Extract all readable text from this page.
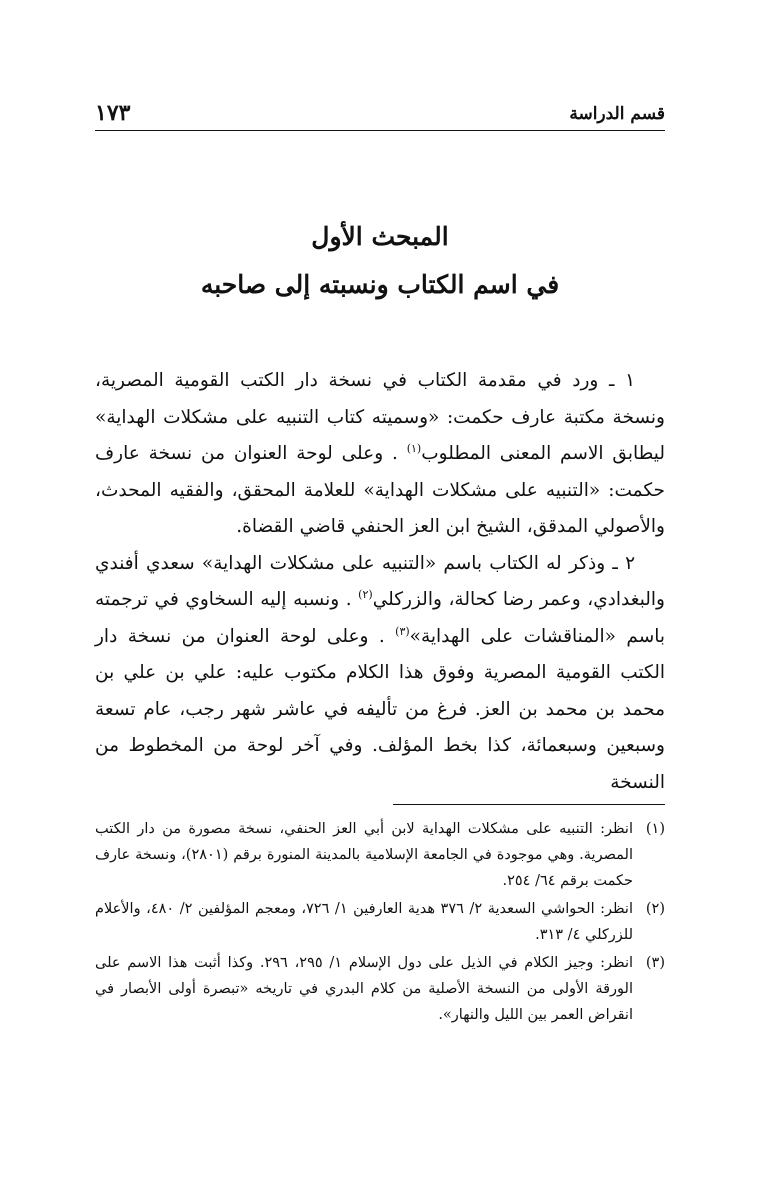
قسم الدراسة
١٧٣
المبحث الأول
في اسم الكتاب ونسبته إلى صاحبه

١ ـ ورد في مقدمة الكتاب في نسخة دار الكتب القومية المصرية، ونسخة مكتبة عارف حكمت: «وسميته كتاب التنبيه على مشكلات الهداية» ليطابق الاسم المعنى المطلوب$^{(١)}$ . وعلى لوحة العنوان من نسخة عارف حكمت: «التنبيه على مشكلات الهداية» للعلامة المحقق، والفقيه المحدث، والأصولي المدقق، الشيخ ابن العز الحنفي قاضي القضاة.

٢ ـ وذكر له الكتاب باسم «التنبيه على مشكلات الهداية» سعدي أفندي والبغدادي، وعمر رضا كحالة، والزركلي$^{(٢)}$ . ونسبه إليه السخاوي في ترجمته باسم «المناقشات على الهداية»$^{(٣)}$ . وعلى لوحة العنوان من نسخة دار الكتب القومية المصرية وفوق هذا الكلام مكتوب عليه: علي بن علي بن محمد بن محمد بن العز. فرغ من تأليفه في عاشر شهر رجب، عام تسعة وسبعين وسبعمائة، كذا بخط المؤلف. وفي آخر لوحة من المخطوط من النسخة

(١)
انظر: التنبيه على مشكلات الهداية لابن أبي العز الحنفي، نسخة مصورة من دار الكتب المصرية. وهي موجودة في الجامعة الإسلامية بالمدينة المنورة برقم (٢٨٠١)، ونسخة عارف حكمت برقم ٦٤/ ٢٥٤.
(٢)
انظر: الحواشي السعدية ٢/ ٣٧٦ هدية العارفين ١/ ٧٢٦، ومعجم المؤلفين ٢/ ٤٨٠، والأعلام للزركلي ٤/ ٣١٣.
(٣)
انظر: وجيز الكلام في الذيل على دول الإسلام ١/ ٢٩٥، ٢٩٦. وكذا أثبت هذا الاسم على الورقة الأولى من النسخة الأصلية من كلام البدري في تاريخه «تبصرة أولى الأبصار في انقراض العمر بين الليل والنهار».
